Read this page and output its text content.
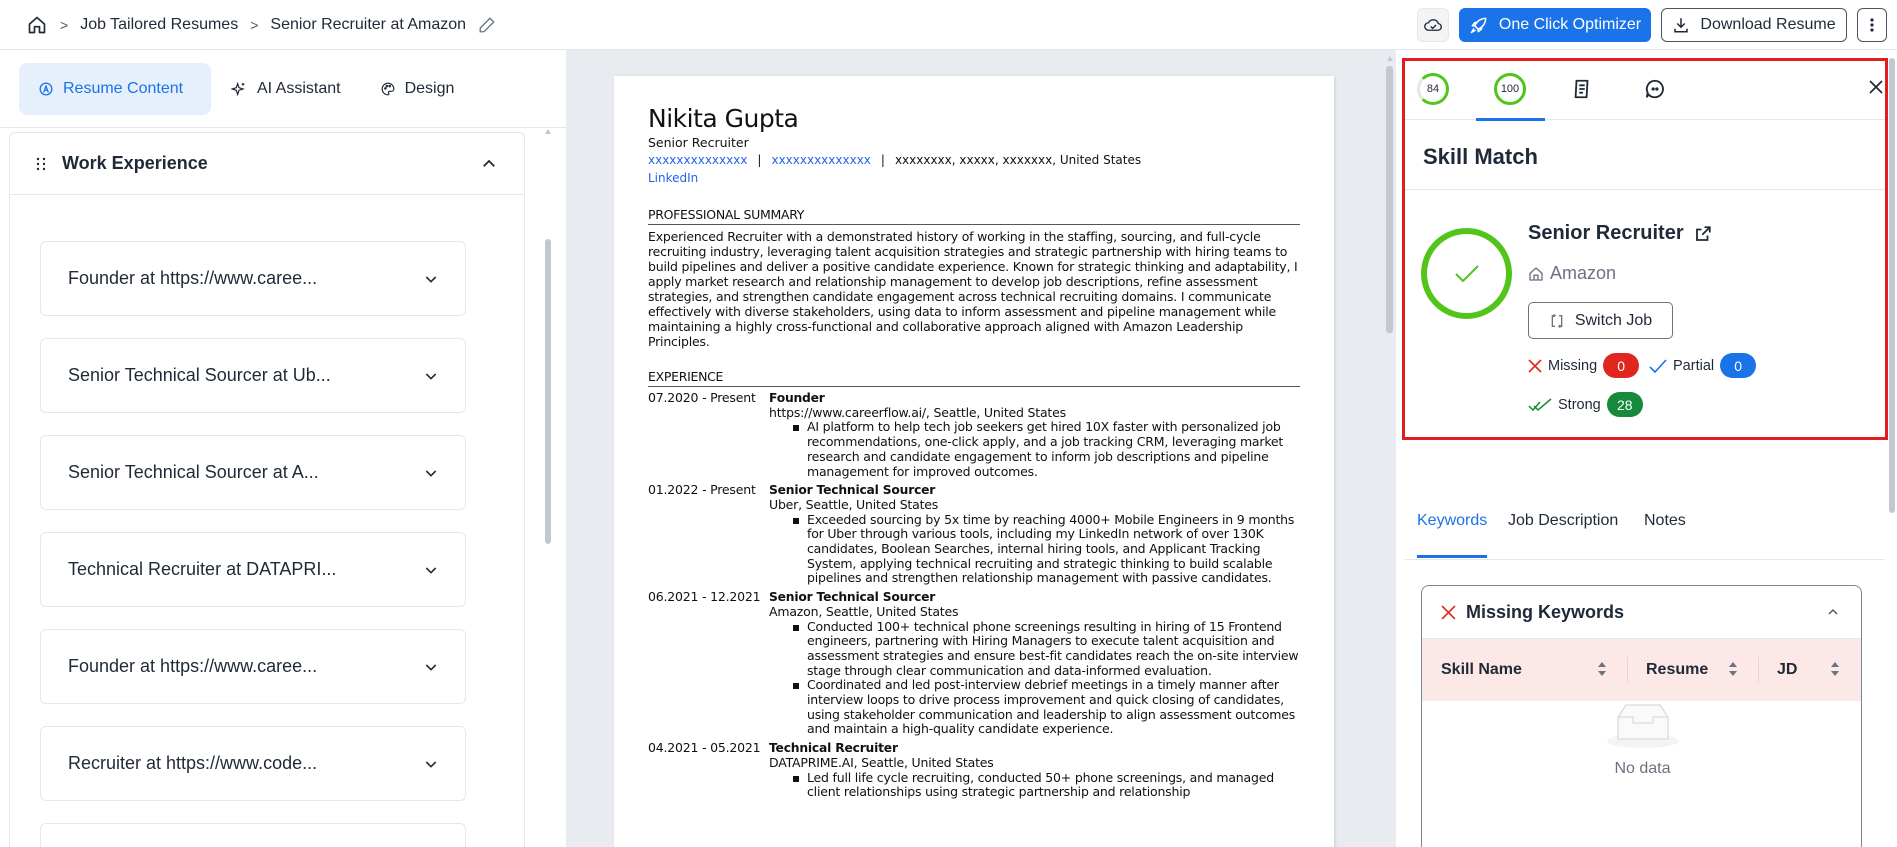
> Job Tailored Resumes > Senior Recruiter at Amazon	One Click Optimizer	Download Resume
Resume Content	AI Assistant	Design
Work Experience
Founder at https://www.caree...
Senior Technical Sourcer at Ub...
Senior Technical Sourcer at A...
Technical Recruiter at DATAPRI...
Founder at https://www.caree...
Recruiter at https://www.code...
Nikita Gupta
Senior Recruiter
xxxxxxxxxxxxxx | xxxxxxxxxxxxxx | xxxxxxxx, xxxxx, xxxxxxx, United States
LinkedIn
PROFESSIONAL SUMMARY
Experienced Recruiter with a demonstrated history of working in the staffing, sourcing, and full-cycle recruiting industry, leveraging talent acquisition strategies and strategic partnership with hiring teams to build pipelines and deliver a positive candidate experience. Known for strategic thinking and adaptability, I apply market research and relationship management to develop job descriptions, refine assessment strategies, and strengthen candidate engagement across technical recruiting domains. I communicate effectively with diverse stakeholders, using data to inform assessment and pipeline management while maintaining a highly cross-functional and collaborative approach aligned with Amazon Leadership Principles.
EXPERIENCE
07.2020 - Present	Founder
https://www.careerflow.ai/, Seattle, United States
AI platform to help tech job seekers get hired 10X faster with personalized job recommendations, one-click apply, and a job tracking CRM, leveraging market research and candidate engagement to inform job descriptions and pipeline management for improved outcomes.
01.2022 - Present	Senior Technical Sourcer
Uber, Seattle, United States
Exceeded sourcing by 5x time by reaching 4000+ Mobile Engineers in 9 months for Uber through various tools, including my LinkedIn network of over 130K candidates, Boolean Searches, internal hiring tools, and Applicant Tracking System, applying technical recruiting and strategic thinking to build scalable pipelines and strengthen relationship management with passive candidates.
06.2021 - 12.2021 Senior Technical Sourcer
Amazon, Seattle, United States
Conducted 100+ technical phone screenings resulting in hiring of 15 Frontend engineers, partnering with Hiring Managers to execute talent acquisition and assessment strategies and ensure best-fit candidates reach the on-site interview stage through clear communication and data-informed evaluation.
Coordinated and led post-interview debrief meetings in a timely manner after interview loops to drive process improvement and quick closing of candidates, using stakeholder communication and leadership to align assessment outcomes and maintain a high-quality candidate experience.
04.2021 - 05.2021 Technical Recruiter
DATAPRIME.AI, Seattle, United States
Led full life cycle recruiting, conducted 50+ phone screenings, and managed client relationships using strategic partnership and relationship
84	100
Skill Match
Senior Recruiter
Amazon
Switch Job
Missing	0	Partial	0
Strong	28
Keywords Job Description Notes
Missing Keywords
Skill Name	Resume	JD
No data
